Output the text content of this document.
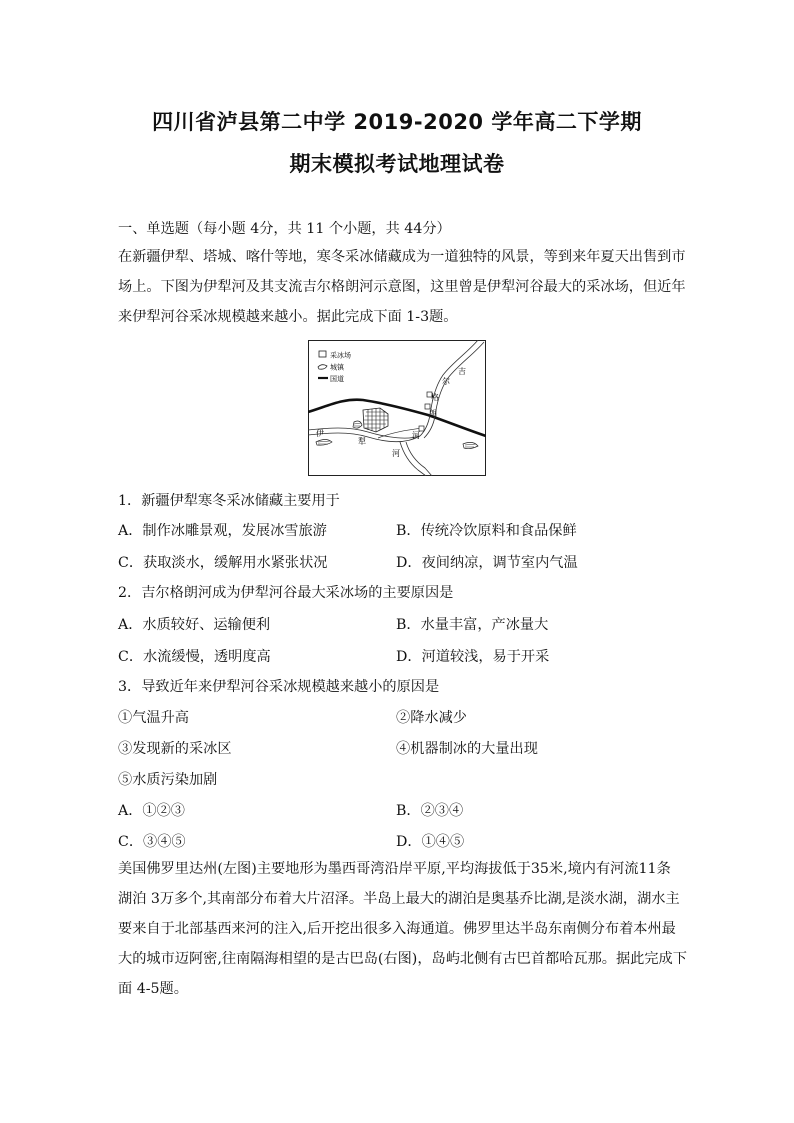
四川省泸县第二中学 2019-2020 学年高二下学期
期末模拟考试地理试卷
一、单选题（每小题 4分，共 11 个小题，共 44分）
在新疆伊犁、塔城、喀什等地，寒冬采冰储藏成为一道独特的风景，等到来年夏天出售到市
场上。下图为伊犁河及其支流吉尔格朗河示意图，这里曾是伊犁河谷最大的采冰场，但近年
来伊犁河谷采冰规模越来越小。据此完成下面 1-3题。
采冰场
城镇
国道
吉
尔
格
朗
河
伊
犁
河
1．新疆伊犁寒冬采冰储藏主要用于
A．制作冰雕景观，发展冰雪旅游	B．传统冷饮原料和食品保鲜
C．获取淡水，缓解用水紧张状况	D．夜间纳凉，调节室内气温
2．吉尔格朗河成为伊犁河谷最大采冰场的主要原因是
A．水质较好、运输便利	B．水量丰富，产冰量大
C．水流缓慢，透明度高	D．河道较浅，易于开采
3．导致近年来伊犁河谷采冰规模越来越小的原因是
①气温升高	②降水减少
③发现新的采冰区	④机器制冰的大量出现
⑤水质污染加剧
A．①②③	B．②③④
C．③④⑤	D．①④⑤
美国佛罗里达州(左图)主要地形为墨西哥湾沿岸平原,平均海拔低于35米,境内有河流11条
湖泊 3万多个,其南部分布着大片沼泽。半岛上最大的湖泊是奥基乔比湖,是淡水湖，湖水主
要来自于北部基西来河的注入,后开挖出很多入海通道。佛罗里达半岛东南侧分布着本州最
大的城市迈阿密,往南隔海相望的是古巴岛(右图)，岛屿北侧有古巴首都哈瓦那。据此完成下
面 4-5题。
